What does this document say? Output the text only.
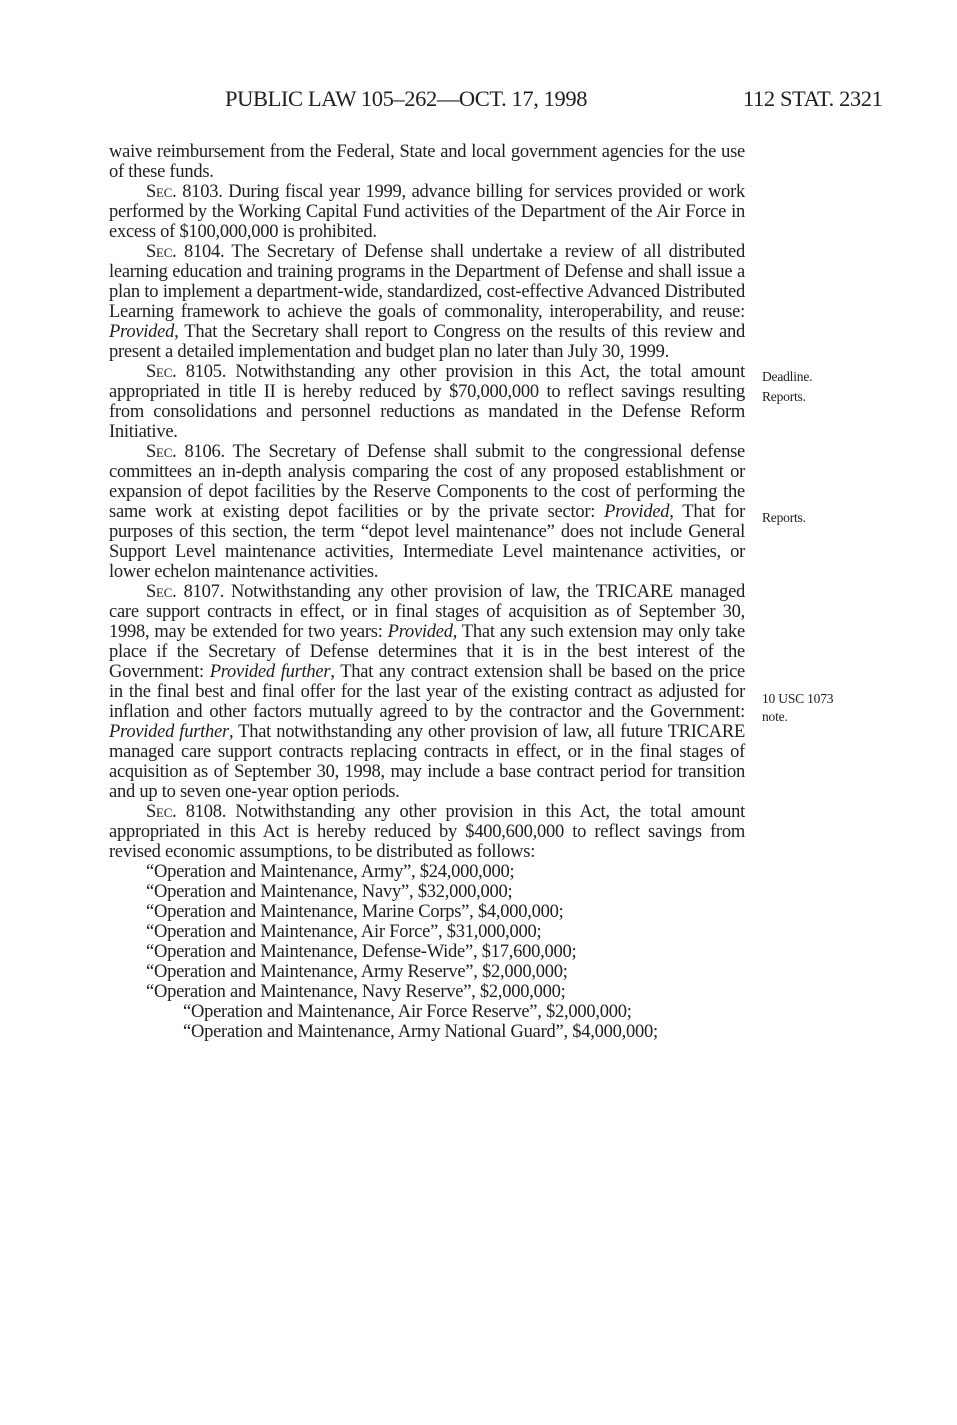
PUBLIC LAW 105–262—OCT. 17, 1998	112 STAT. 2321

waive reimbursement from the Federal, State and local government agencies for the use of these funds.

Sec. 8103. During fiscal year 1999, advance billing for services provided or work performed by the Working Capital Fund activities of the Department of the Air Force in excess of $100,000,000 is prohibited.

Sec. 8104. The Secretary of Defense shall undertake a review of all distributed learning education and training programs in the Department of Defense and shall issue a plan to implement a department-wide, standardized, cost-effective Advanced Distributed Learning framework to achieve the goals of commonality, interoperability, and reuse: Provided, That the Secretary shall report to Congress on the results of this review and present a detailed implementation and budget plan no later than July 30, 1999.

Sec. 8105. Notwithstanding any other provision in this Act, the total amount appropriated in title II is hereby reduced by $70,000,000 to reflect savings resulting from consolidations and personnel reductions as mandated in the Defense Reform Initiative.

Sec. 8106. The Secretary of Defense shall submit to the congressional defense committees an in-depth analysis comparing the cost of any proposed establishment or expansion of depot facilities by the Reserve Components to the cost of performing the same work at existing depot facilities or by the private sector: Provided, That for purposes of this section, the term “depot level maintenance” does not include General Support Level maintenance activities, Intermediate Level maintenance activities, or lower echelon maintenance activities.

Sec. 8107. Notwithstanding any other provision of law, the TRICARE managed care support contracts in effect, or in final stages of acquisition as of September 30, 1998, may be extended for two years: Provided, That any such extension may only take place if the Secretary of Defense determines that it is in the best interest of the Government: Provided further, That any contract extension shall be based on the price in the final best and final offer for the last year of the existing contract as adjusted for inflation and other factors mutually agreed to by the contractor and the Government: Provided further, That notwithstanding any other provision of law, all future TRICARE managed care support contracts replacing contracts in effect, or in the final stages of acquisition as of September 30, 1998, may include a base contract period for transition and up to seven one-year option periods.

Sec. 8108. Notwithstanding any other provision in this Act, the total amount appropriated in this Act is hereby reduced by $400,600,000 to reflect savings from revised economic assumptions, to be distributed as follows:

“Operation and Maintenance, Army”, $24,000,000;

“Operation and Maintenance, Navy”, $32,000,000;

“Operation and Maintenance, Marine Corps”, $4,000,000;

“Operation and Maintenance, Air Force”, $31,000,000;

“Operation and Maintenance, Defense-Wide”, $17,600,000;

“Operation and Maintenance, Army Reserve”, $2,000,000;

“Operation and Maintenance, Navy Reserve”, $2,000,000;

“Operation and Maintenance, Air Force Reserve”, $2,000,000;

“Operation and Maintenance, Army National Guard”, $4,000,000;

Deadline.
Reports.
Reports.
10 USC 1073
note.
